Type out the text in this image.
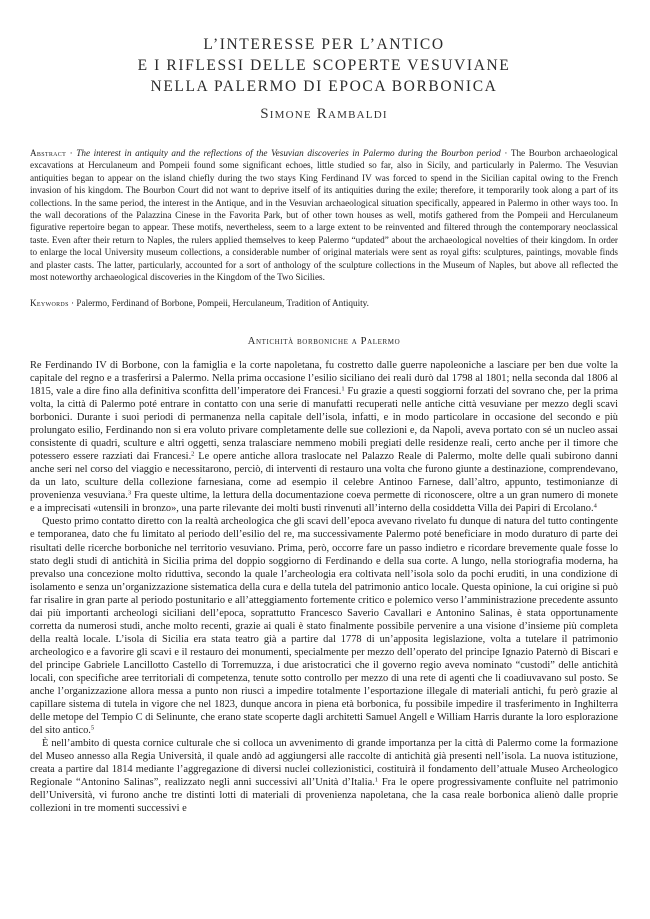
L’INTERESSE PER L’ANTICO
E I RIFLESSI DELLE SCOPERTE VESUVIANE
NELLA PALERMO DI EPOCA BORBONICA

Simone Rambaldi

Abstract · The interest in antiquity and the reflections of the Vesuvian discoveries in Palermo during the Bourbon period · The Bourbon archaeological excavations at Herculaneum and Pompeii found some significant echoes, little studied so far, also in Sicily, and particularly in Palermo. The Vesuvian antiquities began to appear on the island chiefly during the two stays King Ferdinand IV was forced to spend in the Sicilian capital owing to the French invasion of his kingdom. The Bourbon Court did not want to deprive itself of its antiquities during the exile; therefore, it temporarily took along a part of its collections. In the same period, the interest in the Antique, and in the Vesuvian archaeological situation specifically, appeared in Palermo in other ways too. In the wall decorations of the Palazzina Cinese in the Favorita Park, but of other town houses as well, motifs gathered from the Pompeii and Herculaneum figurative repertoire began to appear. These motifs, nevertheless, seem to a large extent to be reinvented and filtered through the contemporary neoclassical taste. Even after their return to Naples, the rulers applied themselves to keep Palermo “updated” about the archaeological novelties of their kingdom. In order to enlarge the local University museum collections, a considerable number of original materials were sent as royal gifts: sculptures, paintings, movable finds and plaster casts. The latter, particularly, accounted for a sort of anthology of the sculpture collections in the Museum of Naples, but above all reflected the most noteworthy archaeological discoveries in the Kingdom of the Two Sicilies.

Keywords · Palermo, Ferdinand of Borbone, Pompeii, Herculaneum, Tradition of Antiquity.

Antichità borboniche a Palermo

Re Ferdinando IV di Borbone, con la famiglia e la corte napoletana, fu costretto dalle guerre napoleoniche a lasciare per ben due volte la capitale del regno e a trasferirsi a Palermo. Nella prima occasione l’esilio siciliano dei reali durò dal 1798 al 1801; nella seconda dal 1806 al 1815, vale a dire fino alla definitiva sconfitta dell’imperatore dei Francesi.$^1$ Fu grazie a questi soggiorni forzati del sovrano che, per la prima volta, la città di Palermo poté entrare in contatto con una serie di manufatti recuperati nelle antiche città vesuviane per mezzo degli scavi borbonici. Durante i suoi periodi di permanenza nella capitale dell’isola, infatti, e in modo particolare in occasione del secondo e più prolungato esilio, Ferdinando non si era voluto privare completamente delle sue collezioni e, da Napoli, aveva portato con sé un nucleo assai consistente di quadri, sculture e altri oggetti, senza tralasciare nemmeno mobili pregiati delle residenze reali, certo anche per il timore che potessero essere razziati dai Francesi.$^2$ Le opere antiche allora traslocate nel Palazzo Reale di Palermo, molte delle quali subirono danni anche seri nel corso del viaggio e necessitarono, perciò, di interventi di restauro una volta che furono giunte a destinazione, comprendevano, da un lato, sculture della collezione farnesiana, come ad esempio il celebre Antinoo Farnese, dall’altro, appunto, testimonianze di provenienza vesuviana.$^3$ Fra queste ultime, la lettura della documentazione coeva permette di riconoscere, oltre a un gran numero di monete e a imprecisati «utensili in bronzo», una parte rilevante dei molti busti rinvenuti all’interno della cosiddetta Villa dei Papiri di Ercolano.$^4$

Questo primo contatto diretto con la realtà archeologica che gli scavi dell’epoca avevano rivelato fu dunque di natura del tutto contingente e temporanea, dato che fu limitato al periodo dell’esilio del re, ma successivamente Palermo poté beneficiare in modo duraturo di parte dei risultati delle ricerche borboniche nel territorio vesuviano. Prima, però, occorre fare un passo indietro e ricordare brevemente quale fosse lo stato degli studi di antichità in Sicilia prima del doppio soggiorno di Ferdinando e della sua corte. A lungo, nella storiografia moderna, ha prevalso una concezione molto riduttiva, secondo la quale l’archeologia era coltivata nell’isola solo da pochi eruditi, in una condizione di isolamento e senza un’organizzazione sistematica della cura e della tutela del patrimonio antico locale. Questa opinione, la cui origine si può far risalire in gran parte al periodo postunitario e all’atteggiamento fortemente critico e polemico verso l’amministrazione precedente assunto dai più importanti archeologi siciliani dell’epoca, soprattutto Francesco Saverio Cavallari e Antonino Salinas, è stata opportunamente corretta da numerosi studi, anche molto recenti, grazie ai quali è stato finalmente possibile pervenire a una visione d’insieme più completa della realtà locale. L’isola di Sicilia era stata teatro già a partire dal 1778 di un’apposita legislazione, volta a tutelare il patrimonio archeologico e a favorire gli scavi e il restauro dei monumenti, specialmente per mezzo dell’operato del principe Ignazio Paternò di Biscari e del principe Gabriele Lancillotto Castello di Torremuzza, i due aristocratici che il governo regio aveva nominato “custodi” delle antichità locali, con specifiche aree territoriali di competenza, tenute sotto controllo per mezzo di una rete di agenti che li coadiuvavano sul posto. Se anche l’organizzazione allora messa a punto non riuscì a impedire totalmente l’esportazione illegale di materiali antichi, fu però grazie al capillare sistema di tutela in vigore che nel 1823, dunque ancora in piena età borbonica, fu possibile impedire il trasferimento in Inghilterra delle metope del Tempio C di Selinunte, che erano state scoperte dagli architetti Samuel Angell e William Harris durante la loro esplorazione del sito antico.$^5$

È nell’ambito di questa cornice culturale che si colloca un avvenimento di grande importanza per la città di Palermo come la formazione del Museo annesso alla Regia Università, il quale andò ad aggiungersi alle raccolte di antichità già presenti nell’isola. La nuova istituzione, creata a partire dal 1814 mediante l’aggregazione di diversi nuclei collezionistici, costituirà il fondamento dell’attuale Museo Archeologico Regionale “Antonino Salinas”, realizzato negli anni successivi all’Unità d’Italia.$^1$ Fra le opere progressivamente confluite nel patrimonio dell’Università, vi furono anche tre distinti lotti di materiali di provenienza napoletana, che la casa reale borbonica alienò dalle proprie collezioni in tre momenti successivi e
